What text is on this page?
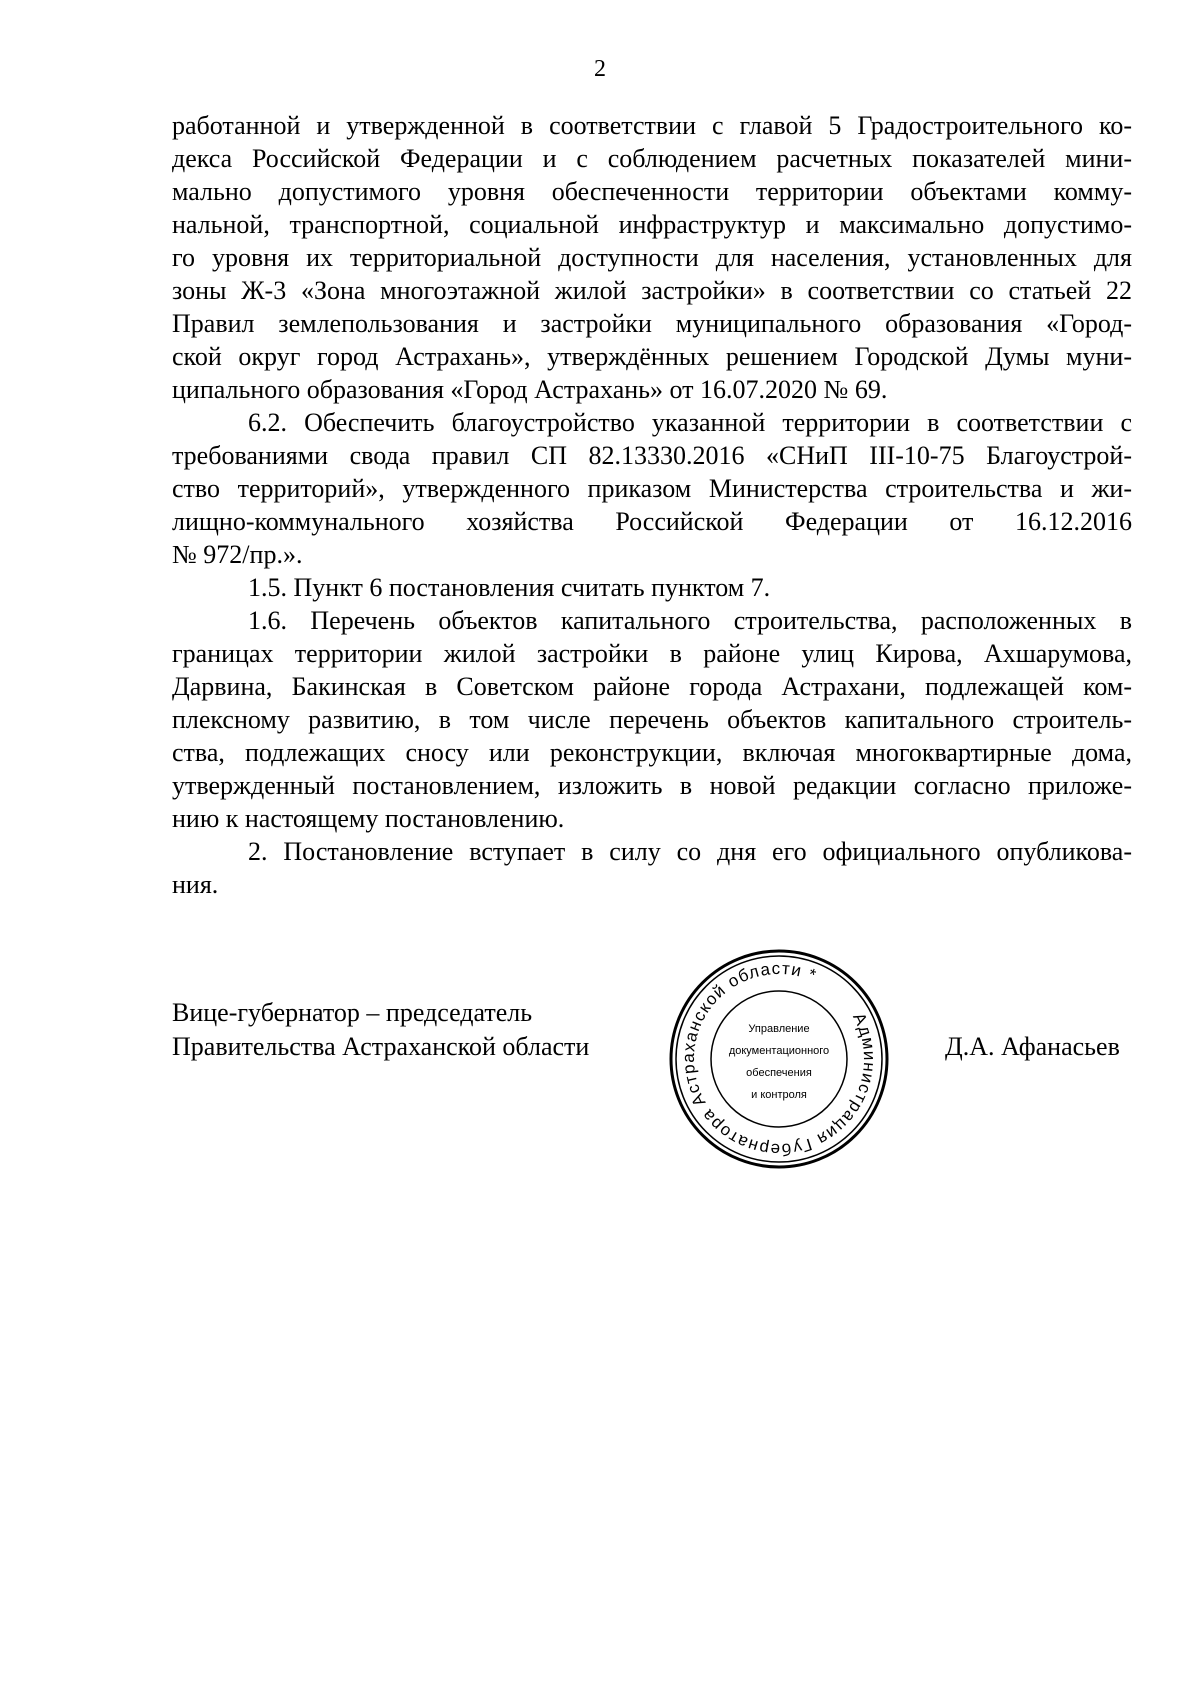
2
работанной и утвержденной в соответствии с главой 5 Градостроительного ко-
декса Российской Федерации и с соблюдением расчетных показателей мини-
мально допустимого уровня обеспеченности территории объектами комму-
нальной, транспортной, социальной инфраструктур и максимально допустимо-
го уровня их территориальной доступности для населения, установленных для
зоны Ж-3 «Зона многоэтажной жилой застройки» в соответствии со статьей 22
Правил землепользования и застройки муниципального образования «Город-
ской округ город Астрахань», утверждённых решением Городской Думы муни-
ципального образования «Город Астрахань» от 16.07.2020 № 69.
6.2. Обеспечить благоустройство указанной территории в соответствии с
требованиями свода правил СП 82.13330.2016 «СНиП III-10-75 Благоустрой-
ство территорий», утвержденного приказом Министерства строительства и жи-
лищно-коммунального хозяйства Российской Федерации от 16.12.2016
№ 972/пр.».
1.5. Пункт 6 постановления считать пунктом 7.
1.6. Перечень объектов капитального строительства, расположенных в
границах территории жилой застройки в районе улиц Кирова, Ахшарумова,
Дарвина, Бакинская в Советском районе города Астрахани, подлежащей ком-
плексному развитию, в том числе перечень объектов капитального строитель-
ства, подлежащих сносу или реконструкции, включая многоквартирные дома,
утвержденный постановлением, изложить в новой редакции согласно приложе-
нию к настоящему постановлению.
2. Постановление вступает в силу со дня его официального опубликова-
ния.
Вице-губернатор – председатель
Правительства Астраханской области
Администрация Губернатора Астраханской области *
Управление
документационного
обеспечения
и контроля
Д.А. Афанасьев
